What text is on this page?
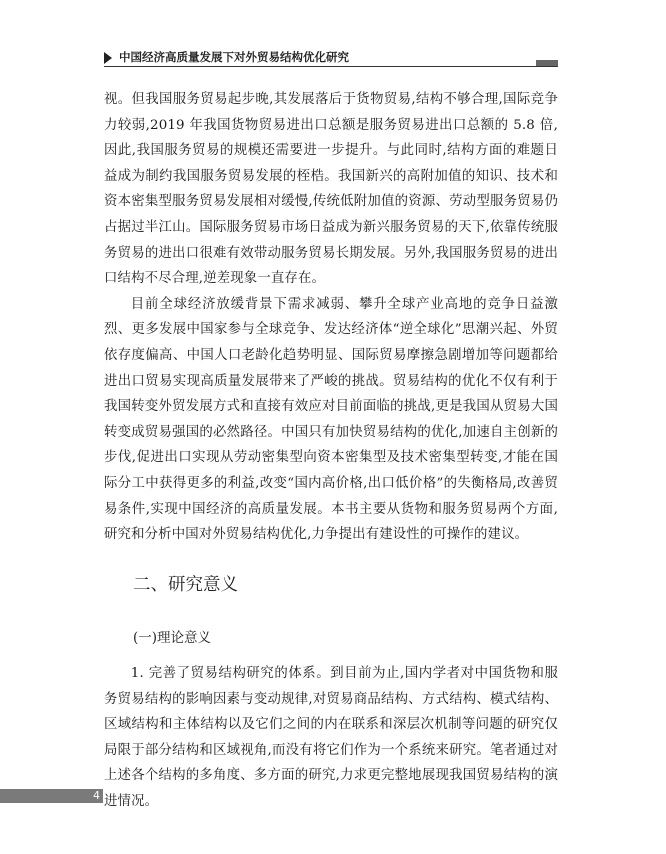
中国经济高质量发展下对外贸易结构优化研究

视。但我国服务贸易起步晚,其发展落后于货物贸易,结构不够合理,国际竞争力较弱,2019 年我国货物贸易进出口总额是服务贸易进出口总额的 5.8 倍,因此,我国服务贸易的规模还需要进一步提升。与此同时,结构方面的难题日益成为制约我国服务贸易发展的桎梏。我国新兴的高附加值的知识、技术和资本密集型服务贸易发展相对缓慢,传统低附加值的资源、劳动型服务贸易仍占据过半江山。国际服务贸易市场日益成为新兴服务贸易的天下,依靠传统服务贸易的进出口很难有效带动服务贸易长期发展。另外,我国服务贸易的进出口结构不尽合理,逆差现象一直存在。

目前全球经济放缓背景下需求减弱、攀升全球产业高地的竞争日益激烈、更多发展中国家参与全球竞争、发达经济体“逆全球化”思潮兴起、外贸依存度偏高、中国人口老龄化趋势明显、国际贸易摩擦急剧增加等问题都给进出口贸易实现高质量发展带来了严峻的挑战。贸易结构的优化不仅有利于我国转变外贸发展方式和直接有效应对目前面临的挑战,更是我国从贸易大国转变成贸易强国的必然路径。中国只有加快贸易结构的优化,加速自主创新的步伐,促进出口实现从劳动密集型向资本密集型及技术密集型转变,才能在国际分工中获得更多的利益,改变“国内高价格,出口低价格”的失衡格局,改善贸易条件,实现中国经济的高质量发展。本书主要从货物和服务贸易两个方面,研究和分析中国对外贸易结构优化,力争提出有建设性的可操作的建议。

二、研究意义
(一)理论意义

1. 完善了贸易结构研究的体系。到目前为止,国内学者对中国货物和服务贸易结构的影响因素与变动规律,对贸易商品结构、方式结构、模式结构、区域结构和主体结构以及它们之间的内在联系和深层次机制等问题的研究仅局限于部分结构和区域视角,而没有将它们作为一个系统来研究。笔者通过对上述各个结构的多角度、多方面的研究,力求更完整地展现我国贸易结构的演进情况。

4
